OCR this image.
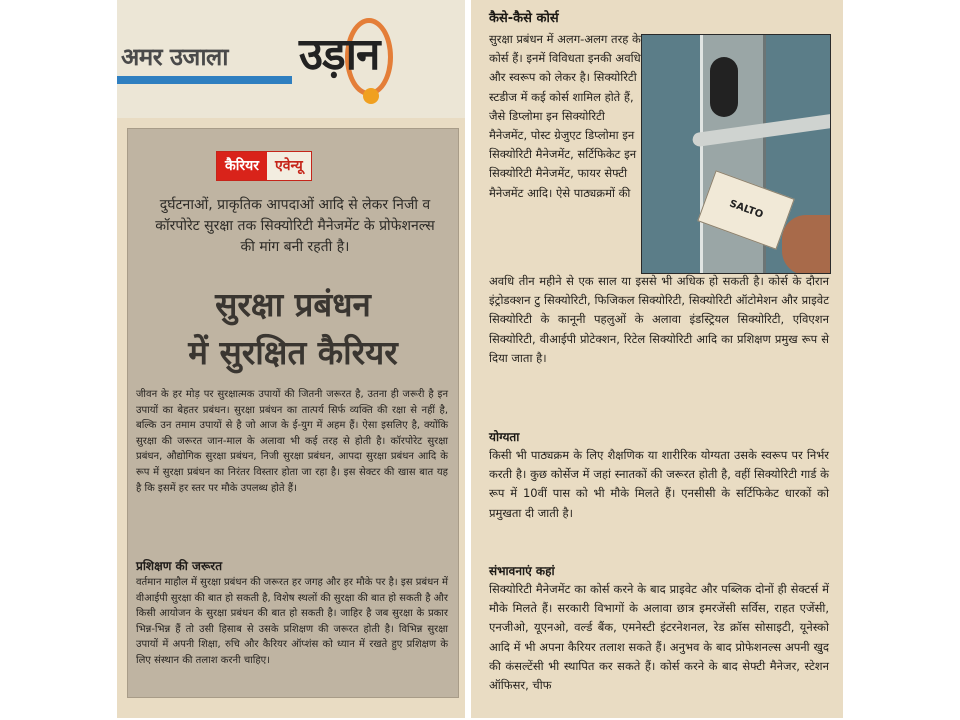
अमर उजाला उड़ान
कैरियर	एवेन्यू
दुर्घटनाओं, प्राकृतिक आपदाओं आदि से लेकर निजी व कॉरपोरेट सुरक्षा तक सिक्योरिटी मैनेजमेंट के प्रोफेशनल्स की मांग बनी रहती है।
सुरक्षा प्रबंधन
में सुरक्षित कैरियर
जीवन के हर मोड़ पर सुरक्षात्मक उपायों की जितनी जरूरत है, उतना ही जरूरी है इन उपायों का बेहतर प्रबंधन। सुरक्षा प्रबंधन का तात्पर्य सिर्फ व्यक्ति की रक्षा से नहीं है, बल्कि उन तमाम उपायों से है जो आज के ई-युग में अहम हैं। ऐसा इसलिए है, क्योंकि सुरक्षा की जरूरत जान-माल के अलावा भी कई तरह से होती है। कॉरपोरेट सुरक्षा प्रबंधन, औद्योगिक सुरक्षा प्रबंधन, निजी सुरक्षा प्रबंधन, आपदा सुरक्षा प्रबंधन आदि के रूप में सुरक्षा प्रबंधन का निरंतर विस्तार होता जा रहा है। इस सेक्टर की खास बात यह है कि इसमें हर स्तर पर मौके उपलब्ध होते हैं।
प्रशिक्षण की जरूरत
वर्तमान माहौल में सुरक्षा प्रबंधन की जरूरत हर जगह और हर मौके पर है। इस प्रबंधन में वीआईपी सुरक्षा की बात हो सकती है, विशेष स्थलों की सुरक्षा की बात हो सकती है और किसी आयोजन के सुरक्षा प्रबंधन की बात हो सकती है। जाहिर है जब सुरक्षा के प्रकार भिन्न-भिन्न हैं तो उसी हिसाब से उसके प्रशिक्षण की जरूरत होती है। विभिन्न सुरक्षा उपायों में अपनी शिक्षा, रुचि और कैरियर ऑप्शंस को ध्यान में रखते हुए प्रशिक्षण के लिए संस्थान की तलाश करनी चाहिए।
कैसे-कैसे कोर्स
सुरक्षा प्रबंधन में अलग-अलग तरह के कोर्स हैं। इनमें विविधता इनकी अवधि और स्वरूप को लेकर है। सिक्योरिटी स्टडीज में कई कोर्स शामिल होते हैं, जैसे डिप्लोमा इन सिक्योरिटी मैनेजमेंट, पोस्ट ग्रेजुएट डिप्लोमा इन सिक्योरिटी मैनेजमेंट, सर्टिफिकेट इन सिक्योरिटी मैनेजमेंट, फायर सेफ्टी मैनेजमेंट आदि। ऐसे पाठ्यक्रमों की
SALTO
अवधि तीन महीने से एक साल या इससे भी अधिक हो सकती है। कोर्स के दौरान इंट्रोडक्शन टु सिक्योरिटी, फिजिकल सिक्योरिटी, सिक्योरिटी ऑटोमेशन और प्राइवेट सिक्योरिटी के कानूनी पहलुओं के अलावा इंडस्ट्रियल सिक्योरिटी, एविएशन सिक्योरिटी, वीआईपी प्रोटेक्शन, रिटेल सिक्योरिटी आदि का प्रशिक्षण प्रमुख रूप से दिया जाता है।
योग्यता
किसी भी पाठ्यक्रम के लिए शैक्षणिक या शारीरिक योग्यता उसके स्वरूप पर निर्भर करती है। कुछ कोर्सेज में जहां स्नातकों की जरूरत होती है, वहीं सिक्योरिटी गार्ड के रूप में 10वीं पास को भी मौके मिलते हैं। एनसीसी के सर्टिफिकेट धारकों को प्रमुखता दी जाती है।
संभावनाएं कहां
सिक्योरिटी मैनेजमेंट का कोर्स करने के बाद प्राइवेट और पब्लिक दोनों ही सेक्टर्स में मौके मिलते हैं। सरकारी विभागों के अलावा छात्र इमरजेंसी सर्विस, राहत एजेंसी, एनजीओ, यूएनओ, वर्ल्ड बैंक, एमनेस्टी इंटरनेशनल, रेड क्रॉस सोसाइटी, यूनेस्को आदि में भी अपना कैरियर तलाश सकते हैं। अनुभव के बाद प्रोफेशनल्स अपनी खुद की कंसल्टेंसी भी स्थापित कर सकते हैं। कोर्स करने के बाद सेफ्टी मैनेजर, स्टेशन ऑफिसर, चीफ
